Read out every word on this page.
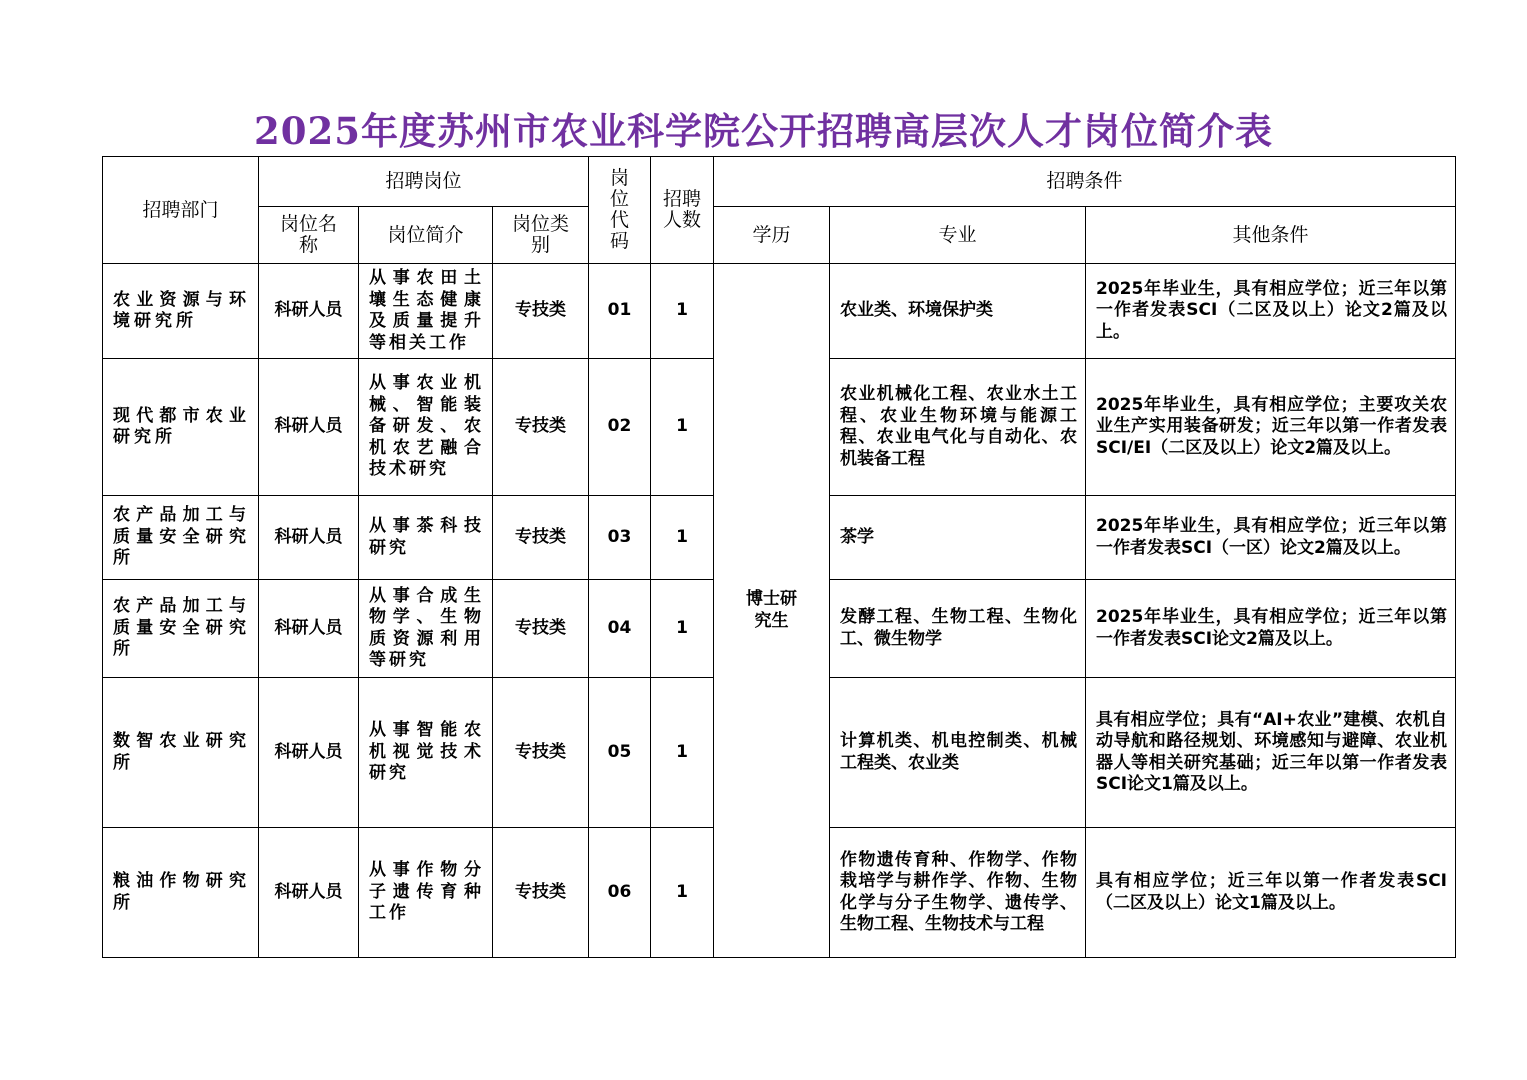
2025年度苏州市农业科学院公开招聘高层次人才岗位简介表
招聘部门	招聘岗位			岗位代码	招聘人数	招聘条件		

	岗位名称	岗位简介	岗位类别			学历	专业	其他条件
农业资源与环境研究所	科研人员	从事农田土壤生态健康及质量提升等相关工作	专技类	01	1	博士研究生	农业类、环境保护类	2025年毕业生，具有相应学位；近三年以第一作者发表SCI（二区及以上）论文2篇及以上。
现代都市农业研究所	科研人员	从事农业机械、智能装备研发、农机农艺融合技术研究	专技类	02	1		农业机械化工程、农业水土工程、农业生物环境与能源工程、农业电气化与自动化、农机装备工程	2025年毕业生，具有相应学位；主要攻关农业生产实用装备研发；近三年以第一作者发表SCI/EI（二区及以上）论文2篇及以上。
农产品加工与质量安全研究所	科研人员	从事茶科技研究	专技类	03	1		茶学	2025年毕业生，具有相应学位；近三年以第一作者发表SCI（一区）论文2篇及以上。
农产品加工与质量安全研究所	科研人员	从事合成生物学、生物质资源利用等研究	专技类	04	1		发酵工程、生物工程、生物化工、微生物学	2025年毕业生，具有相应学位；近三年以第一作者发表SCI论文2篇及以上。
数智农业研究所	科研人员	从事智能农机视觉技术研究	专技类	05	1		计算机类、机电控制类、机械工程类、农业类	具有相应学位；具有“AI+农业”建模、农机自动导航和路径规划、环境感知与避障、农业机器人等相关研究基础；近三年以第一作者发表SCI论文1篇及以上。
粮油作物研究所	科研人员	从事作物分子遗传育种工作	专技类	06	1		作物遗传育种、作物学、作物栽培学与耕作学、作物、生物化学与分子生物学、遗传学、生物工程、生物技术与工程	具有相应学位；近三年以第一作者发表SCI（二区及以上）论文1篇及以上。
